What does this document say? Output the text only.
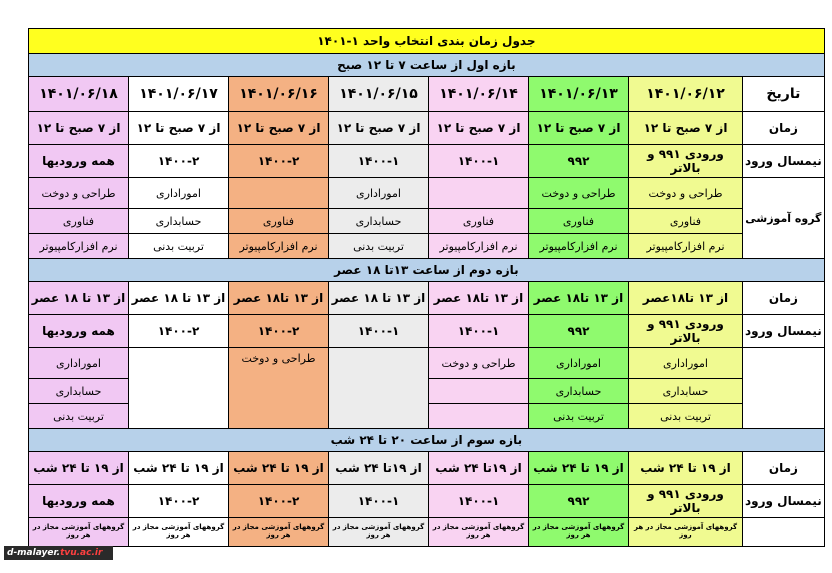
جدول زمان بندی انتخاب واحد ۱-۱۴۰۱							
بازه اول از ساعت ۷ تا ۱۲ صبح							
تاریخ	۱۴۰۱/۰۶/۱۲	۱۴۰۱/۰۶/۱۳	۱۴۰۱/۰۶/۱۴	۱۴۰۱/۰۶/۱۵	۱۴۰۱/۰۶/۱۶	۱۴۰۱/۰۶/۱۷	۱۴۰۱/۰۶/۱۸
زمان	از ۷ صبح تا ۱۲	از ۷ صبح تا ۱۲	از ۷ صبح تا ۱۲	از ۷ صبح تا ۱۲	از ۷ صبح تا ۱۲	از ۷ صبح تا ۱۲	از ۷ صبح تا ۱۲
نیمسال ورود	ورودی ۹۹۱ و بالاتر	۹۹۲	۱۴۰۰-۱	۱۴۰۰-۱	۱۴۰۰-۲	۱۴۰۰-۲	همه ورودیها
گروه آموزشی	طراحی و دوخت	طراحی و دوخت		اموراداری		اموراداری	طراحی و دوخت
	فناوری	فناوری	فناوری	حسابداری	فناوری	حسابداری	فناوری
	نرم افزارکامپیوتر	نرم افزارکامپیوتر	نرم افزارکامپیوتر	تربیت بدنی	نرم افزارکامپیوتر	تربیت بدنی	نرم افزارکامپیوتر
بازه دوم از ساعت ۱۳تا ۱۸ عصر							
زمان	از ۱۳ تا۱۸عصر	از ۱۳ تا۱۸ عصر	از ۱۳ تا۱۸ عصر	از ۱۳ تا ۱۸ عصر	از ۱۳ تا۱۸ عصر	از ۱۳ تا ۱۸ عصر	از ۱۳ تا ۱۸ عصر
نیمسال ورود	ورودی ۹۹۱ و بالاتر	۹۹۲	۱۴۰۰-۱	۱۴۰۰-۱	۱۴۰۰-۲	۱۴۰۰-۲	همه ورودیها
	اموراداری	اموراداری	طراحی و دوخت		طراحی و دوخت		اموراداری
	حسابداری	حسابداری					حسابداری
	تربیت بدنی	تربیت بدنی					تربیت بدنی
بازه سوم از ساعت ۲۰ تا ۲۴ شب							
زمان	از ۱۹ تا ۲۴ شب	از ۱۹ تا ۲۴ شب	از ۱۹تا ۲۴ شب	از ۱۹تا ۲۴ شب	از ۱۹ تا ۲۴ شب	از ۱۹ تا ۲۴ شب	از ۱۹ تا ۲۴ شب
نیمسال ورود	ورودی ۹۹۱ و بالاتر	۹۹۲	۱۴۰۰-۱	۱۴۰۰-۱	۱۴۰۰-۲	۱۴۰۰-۲	همه ورودیها
	گروههای آموزشی مجاز در هر روز	گروههای آموزشی مجاز در هر روز	گروههای آموزشی مجاز در هر روز	گروههای آموزشی مجاز در هر روز	گروههای آموزشی مجاز در هر روز	گروههای آموزشی مجاز در هر روز	گروههای آموزشی مجاز در هر روز
d-malayer.tvu.ac.ir
